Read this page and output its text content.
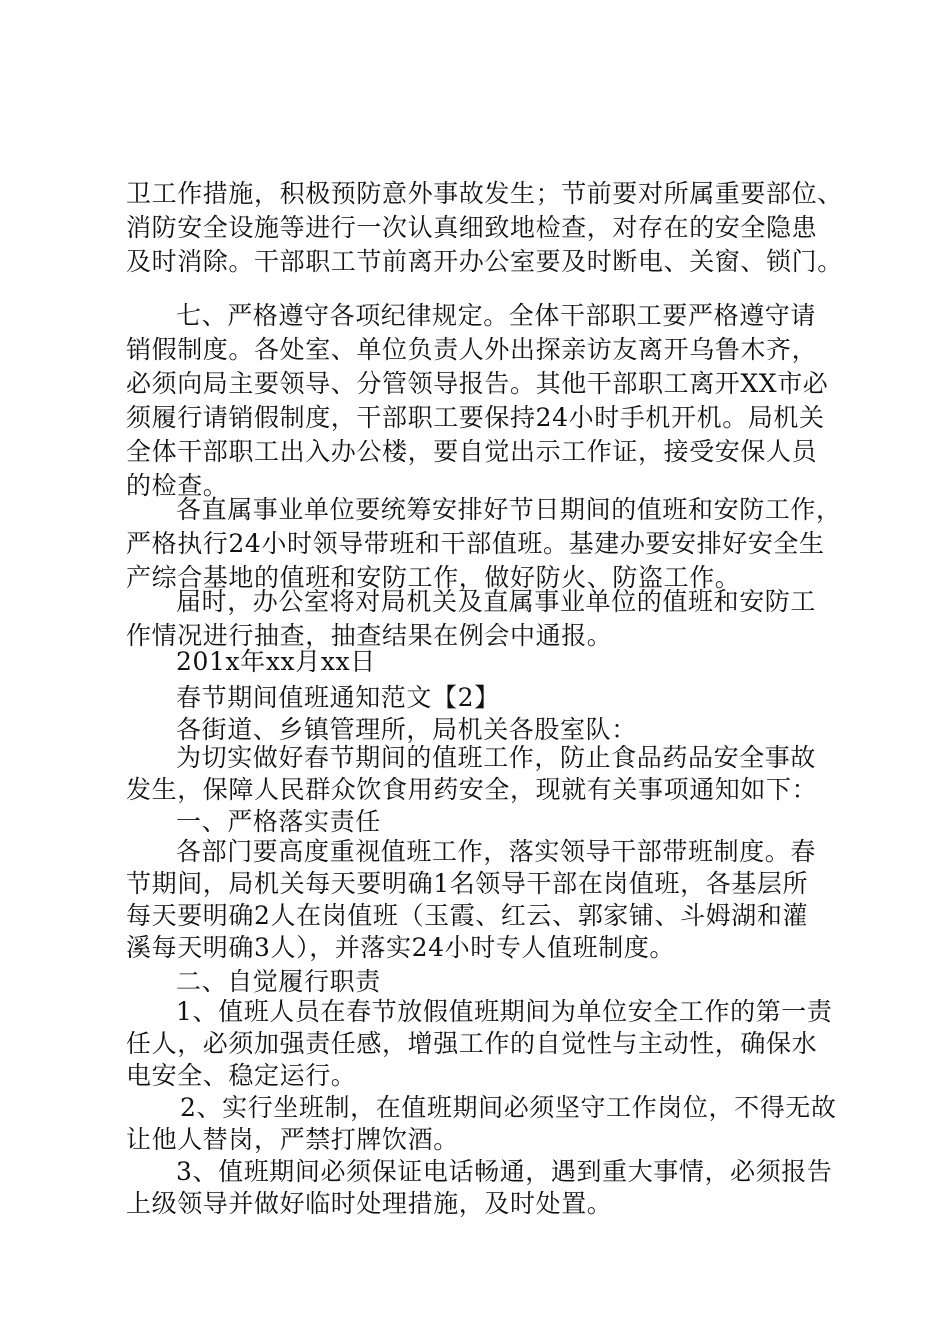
卫工作措施，积极预防意外事故发生；节前要对所属重要部位、
消防安全设施等进行一次认真细致地检查，对存在的安全隐患
及时消除。干部职工节前离开办公室要及时断电、关窗、锁门。
七、严格遵守各项纪律规定。全体干部职工要严格遵守请
销假制度。各处室、单位负责人外出探亲访友离开乌鲁木齐，
必须向局主要领导、分管领导报告。其他干部职工离开XX市必
须履行请销假制度，干部职工要保持24小时手机开机。局机关
全体干部职工出入办公楼，要自觉出示工作证，接受安保人员
的检查。
各直属事业单位要统筹安排好节日期间的值班和安防工作，
严格执行24小时领导带班和干部值班。基建办要安排好安全生
产综合基地的值班和安防工作，做好防火、防盗工作。
届时，办公室将对局机关及直属事业单位的值班和安防工
作情况进行抽查，抽查结果在例会中通报。
201x年xx月xx日
春节期间值班通知范文【2】
各街道、乡镇管理所，局机关各股室队：
为切实做好春节期间的值班工作，防止食品药品安全事故
发生，保障人民群众饮食用药安全，现就有关事项通知如下：
一、严格落实责任
各部门要高度重视值班工作，落实领导干部带班制度。春
节期间，局机关每天要明确1名领导干部在岗值班，各基层所
每天要明确2人在岗值班（玉霞、红云、郭家铺、斗姆湖和灌
溪每天明确3人），并落实24小时专人值班制度。
二、自觉履行职责
1、值班人员在春节放假值班期间为单位安全工作的第一责
任人，必须加强责任感，增强工作的自觉性与主动性，确保水
电安全、稳定运行。
2、实行坐班制，在值班期间必须坚守工作岗位，不得无故
让他人替岗，严禁打牌饮酒。
3、值班期间必须保证电话畅通，遇到重大事情，必须报告
上级领导并做好临时处理措施，及时处置。
